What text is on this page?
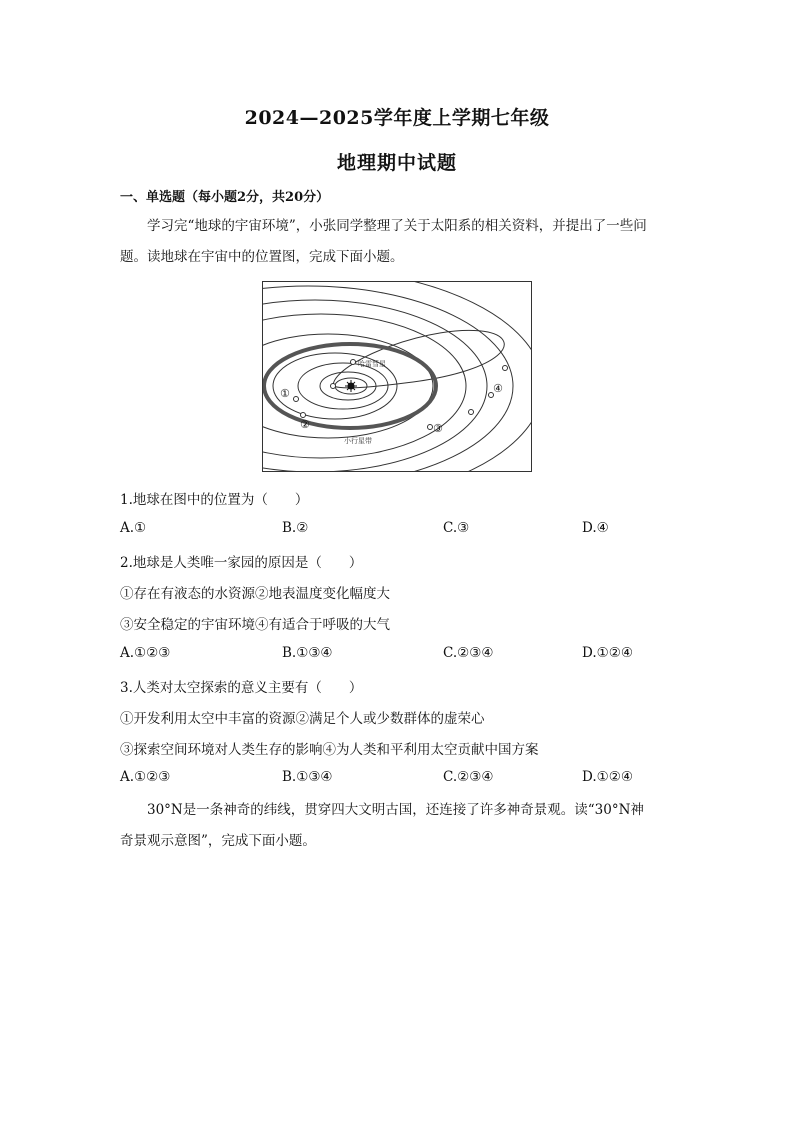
2024—2025学年度上学期七年级
地理期中试题
一、单选题（每小题2分，共20分）
学习完“地球的宇宙环境”，小张同学整理了关于太阳系的相关资料，并提出了一些问
题。读地球在宇宙中的位置图，完成下面小题。
哈雷彗星
小行星带
①
②	③
④
1.地球在图中的位置为（　　）
A.①	B.②	C.③	D.④
2.地球是人类唯一家园的原因是（　　）
①存在有液态的水资源②地表温度变化幅度大
③安全稳定的宇宙环境④有适合于呼吸的大气
A.①②③	B.①③④	C.②③④	D.①②④
3.人类对太空探索的意义主要有（　　）
①开发利用太空中丰富的资源②满足个人或少数群体的虚荣心
③探索空间环境对人类生存的影响④为人类和平利用太空贡献中国方案
A.①②③	B.①③④	C.②③④	D.①②④
30°N是一条神奇的纬线，贯穿四大文明古国，还连接了许多神奇景观。读“30°N神
奇景观示意图”，完成下面小题。
